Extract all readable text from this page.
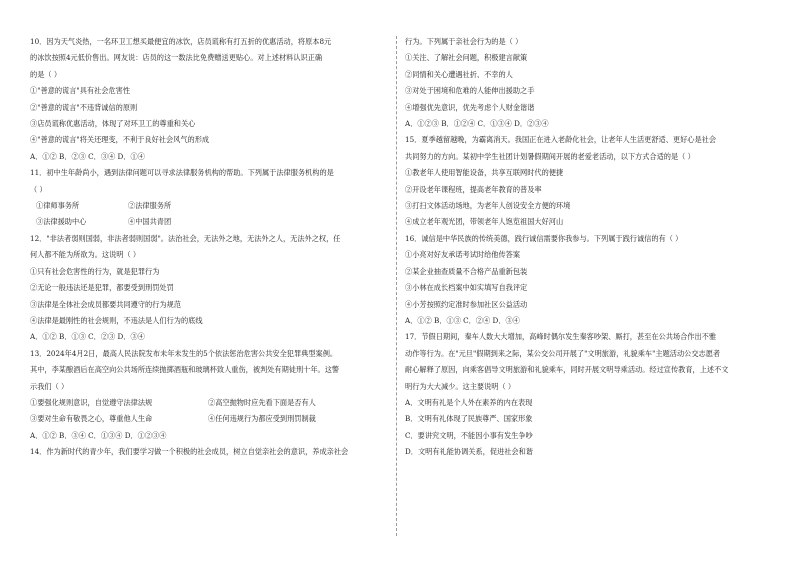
10．因为天气炎热，一名环卫工想买最便宜的冰饮，店员谎称有打五折的优惠活动，将原本8元
的冰饮按照4元低价售出。网友说：店员的这一数法比免费赠送更贴心。对上述材料认识正确
的是（ ）
①"善意的谎言"具有社会危害性
②"善意的谎言"不违背诚信的原则
③店员谎称优惠活动，体现了对环卫工的尊重和关心
④"善意的谎言"将关还理变，不利于良好社会风气的形成
A．①② B．②③ C．③④ D．①④
11．初中生年龄尚小，遇到法律问题可以寻求法律服务机构的帮助。下列属于法律服务机构的是
（ ）
①律师事务所	②法律服务所
③法律援助中心	④中国共青团
12．"非法者弱则国弱，非法者弱则国弱"。法治社会，无法外之地，无法外之人，无法外之权，任
何人都不能为所欲为。这说明（ ）
①只有社会危害性的行为，就是犯罪行为
②无论一般违法还是犯罪，都要受到刑罚处罚
③法律是全体社会成员都要共同遵守的行为规范
④法律是最刚性的社会规则，不违法是人们行为的底线
A．①② B．①③ C．②③ D．③④
13．2024年4月2日，最高人民法院发布未年未发生的5个依法惩治危害公共安全犯罪典型案例。
其中，李某酿酒后在高空向公共场所连续抛掷酒瓶和玻璃杯致人重伤，被判处有期徒刑十年。这警
示我们（ ）
①要强化规则意识，自觉遵守法律法规	②高空抛物时应先看下面是否有人
③要对生命有敬畏之心，尊重他人生命	④任何违规行为都应受到刑罚制裁
A．①② B．③④ C．①③④ D．①②③④
14．作为新时代的青少年，我们要学习做一个积极的社会成员，树立自觉亲社会的意识，养成亲社会
行为。下列属于亲社会行为的是（ ）
①关注、了解社会问题，积极建言献策
②同情和关心遭遇社折、不幸的人
③对处于困境和危难的人能伸出援助之手
④增强优先意识，优先考虑个人财金谐谐
A．①②③ B．①②④ C．①③④ D．②③④
15．夏季越留越晚，为霸离消天。我国正在进入老龄化社会，让老年人生活更舒适、更好心是社会
共同努力的方向。某初中学生社团计划暑假期间开展的老爱老活动，以下方式合适的是（ ）
①教老年人使用智能设备，共享互联网时代的便捷
②开设老年课程班，提高老年教育的普及率
③打扫文体活动场地，为老年人创设安全方便的环境
④成立老年观光团，带领老年人饱览祖国大好河山
16．诚信是中华民族的传统美德，践行诚信需要你我参与。下列属于践行诚信的有（ ）
①小亮对好友承诺考试时给他传答案
②某企业抽查质量不合格产品重新包装
③小林在成长档案中如实填写自我评定
④小芳按照约定准时参加社区公益活动
A．①② B．①③ C．②④ D．③④
17．节假日期间，秦车人数大大增加，高峰时偶尔发生秦客吵架、厮打，甚至在公共场合作出不雅
动作等行为。在"元旦"假期到来之际，某公交公司开展了"文明旅游，礼貌乘车"主题活动公交志愿者
耐心解释了原因，向乘客倡导文明旅游和礼貌乘车，同时开展文明导乘活动。经过宣传教育，上述不文
明行为大大减少。这主要说明（ ）
A．文明有礼是个人外在素养的内在表现
B．文明有礼体现了民族尊严、国家形象
C．要讲究文明，不能因小事有发生争吵
D．文明有礼能协调关系，促进社会和谐
